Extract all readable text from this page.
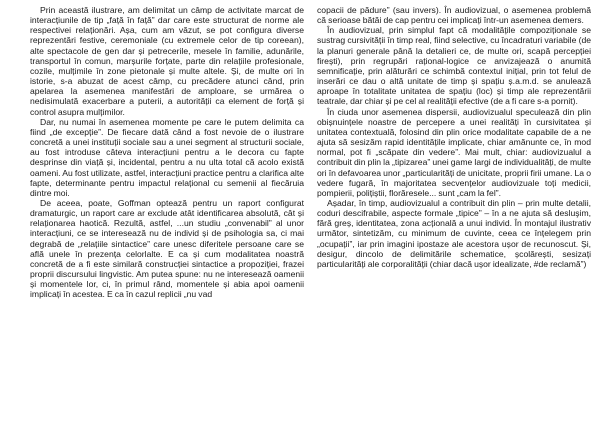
Prin această ilustrare, am delimitat un câmp de activitate marcat de interacțiunile de tip „față în față” dar care este structurat de norme ale respectivei relaționări. Așa, cum am văzut, se pot configura diverse reprezentări festive, ceremoniale (cu extremele celor de tip coreean), alte spectacole de gen dar și petrecerile, mesele în familie, adunările, transportul în comun, marșurile forțate, parte din relațiile profesionale, cozile, mulțimile în zone pietonale și multe altele. Și, de multe ori în istorie, s-a abuzat de acest câmp, cu precădere atunci când, prin apelarea la asemenea manifestări de amploare, se urmărea o nedisimulată exacerbare a puterii, a autorității ca element de forță și control asupra mulțimilor.

Dar, nu numai în asemenea momente pe care le putem delimita ca fiind „de excepție”. De fiecare dată când a fost nevoie de o ilustrare concretă a unei instituții sociale sau a unei segment al structurii sociale, au fost introduse câteva interacțiuni pentru a le decora cu fapte desprinse din viață și, incidental, pentru a nu ulta total că acolo există oameni. Au fost utilizate, astfel, interacțiuni practice pentru a clarifica alte fapte, determinante pentru impactul relațional cu semenii al fiecăruia dintre moi.

De aceea, poate, Goffman optează pentru un raport configurat dramaturgic, un raport care ar exclude atât identificarea absolută, cât și relaționarea haotică. Rezultă, astfel, ...un studiu „convenabil” al unor interacțiuni, ce se interesează nu de individ și de psihologia sa, ci mai degrabă de „relațiile sintactice” care unesc diferitele persoane care se află unele în prezența celorlalte. E ca și cum modalitatea noastră concretă de a fi este similară construcției sintactice a propoziției, frazei proprii discursului lingvistic. Am putea spune: nu ne interesează oamenii și momentele lor, ci, în primul rând, momentele și abia apoi oamenii implicați în acestea. E ca în cazul replicii „nu vad

copacii de pădure” (sau invers). În audiovizual, o asemenea problemă că serioase bătăi de cap pentru cei implicați într-un asemenea demers.

În audiovizual, prin simplul fapt că modalitățile compoziționale se sustrag cursivității în timp real, fiind selective, cu încadraturi variabile (de la planuri generale până la detalieri ce, de multe ori, scapă percepției firești), prin regrupări rațional-logice ce anvizajează o anumită semnificație, prin alăturări ce schimbă contextul inițial, prin tot felul de inserări ce dau o altă unitate de timp și spațiu ș.a.m.d. se anulează aproape în totalitate unitatea de spațiu (loc) și timp ale reprezentării teatrale, dar chiar și pe cel al realității efective (de a fi care s-a pornit).

În ciuda unor asemenea dispersii, audiovizualul speculează din plin obișnuințele noastre de percepere a unei realități în cursivitatea și unitatea contextuală, folosind din plin orice modalitate capabile de a ne ajuta să sesizăm rapid identitățile implicate, chiar amănunte ce, în mod normal, pot fi „scăpate din vedere”. Mai mult, chiar: audiovizualul a contribuit din plin la „tipizarea” unei game largi de individualități, de multe ori în defavoarea unor „particularități de unicitate, proprii firii umane. La o vedere fugară, în majoritatea secvențelor audiovizuale toți medicii, pompierii, polițiștii, florăresele... sunt „cam la fel”.

Așadar, în timp, audiovizualul a contribuit din plin – prin multe detalii, coduri descifrabile, aspecte formale „tipice” – în a ne ajuta să desluşim, fără greș, identitatea, zona acțională a unui individ. În montajul ilustrativ următor, sintetizăm, cu minimum de cuvinte, ceea ce înțelegem prin „ocupații”, iar prin imagini ipostaze ale acestora ușor de recunoscut. Și, desigur, dincolo de delimitările schematice, școlărești, sesizați particularități ale corporalității (chiar dacă ușor idealizate, #de reclamă”)
